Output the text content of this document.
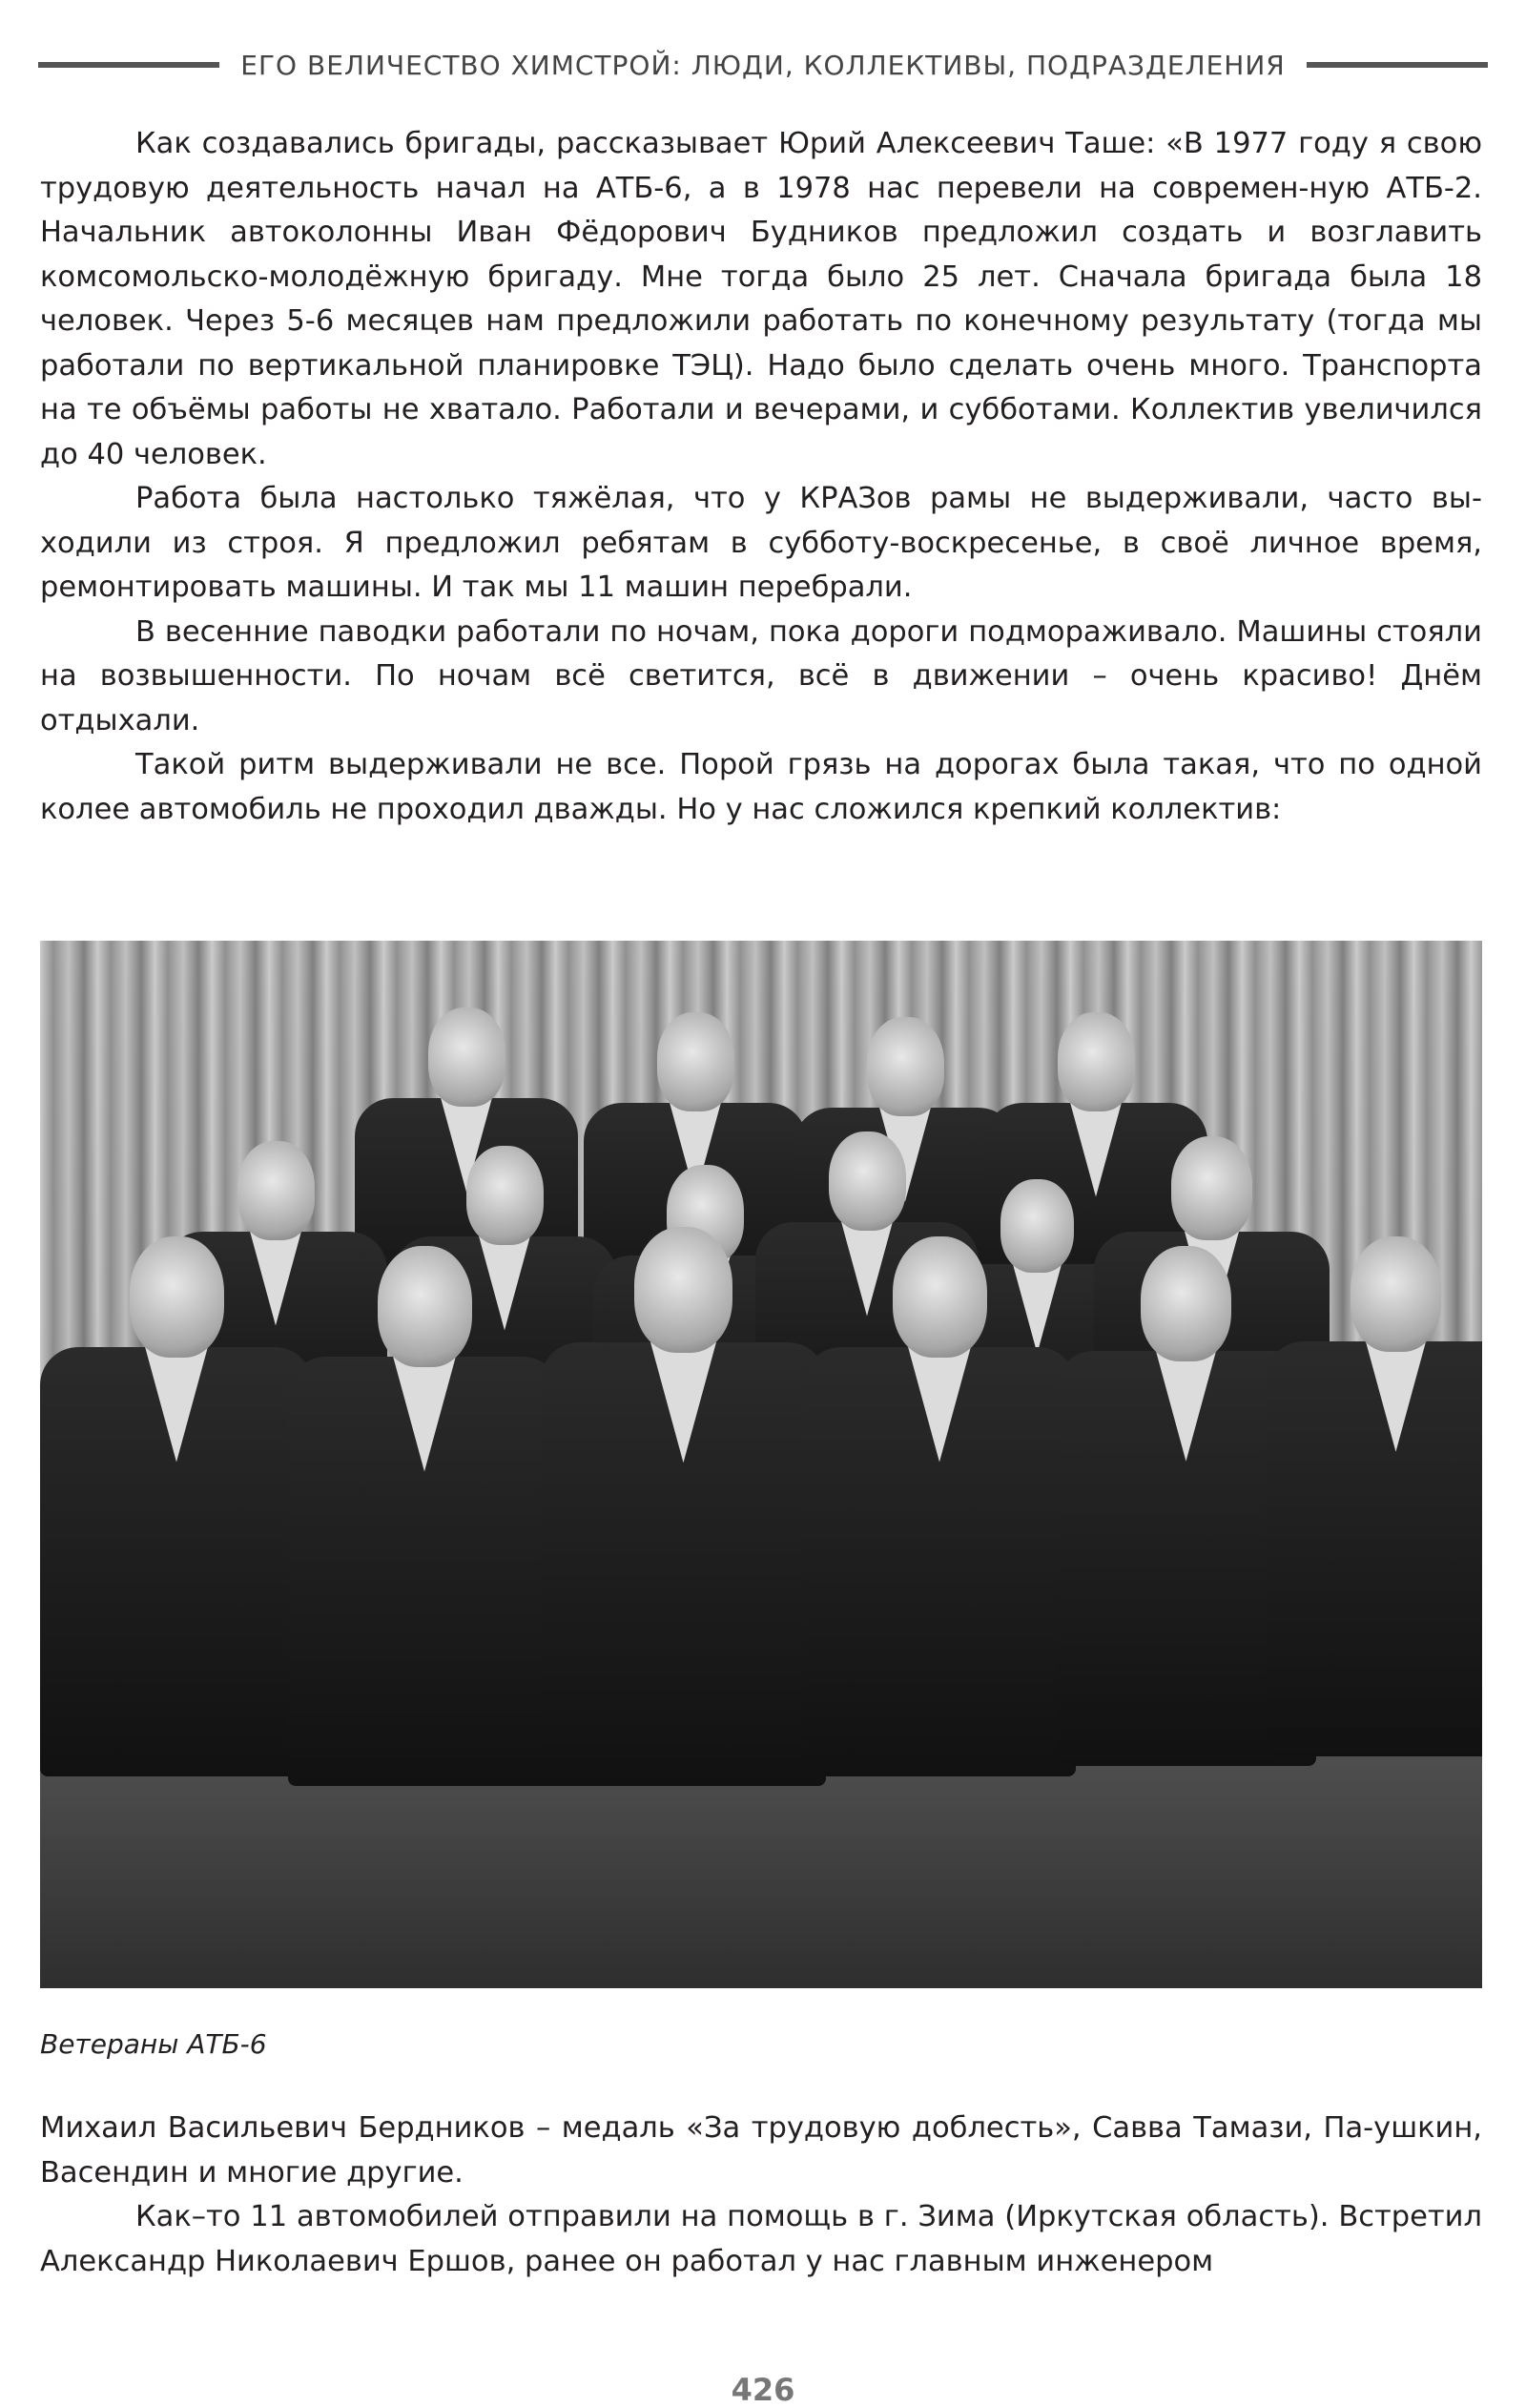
ЕГО ВЕЛИЧЕСТВО ХИМСТРОЙ: ЛЮДИ, КОЛЛЕКТИВЫ, ПОДРАЗДЕЛЕНИЯ

Как создавались бригады, рассказывает Юрий Алексеевич Таше: «В 1977 году я свою трудовую деятельность начал на АТБ-6, а в 1978 нас перевели на современ-ную АТБ-2. Начальник автоколонны Иван Фёдорович Будников предложил создать и возглавить комсомольско-молодёжную бригаду. Мне тогда было 25 лет. Сначала бригада была 18 человек. Через 5-6 месяцев нам предложили работать по конечному результату (тогда мы работали по вертикальной планировке ТЭЦ). Надо было сделать очень много. Транспорта на те объёмы работы не хватало. Работали и вечерами, и субботами. Коллектив увеличился до 40 человек.

Работа была настолько тяжёлая, что у КРАЗов рамы не выдерживали, часто вы-ходили из строя. Я предложил ребятам в субботу-воскресенье, в своё личное время, ремонтировать машины. И так мы 11 машин перебрали.

В весенние паводки работали по ночам, пока дороги подмораживало. Машины стояли на возвышенности. По ночам всё светится, всё в движении – очень красиво! Днём отдыхали.

Такой ритм выдерживали не все. Порой грязь на дорогах была такая, что по одной колее автомобиль не проходил дважды. Но у нас сложился крепкий коллектив:

Ветераны АТБ-6

Михаил Васильевич Бердников – медаль «За трудовую доблесть», Савва Тамази, Па-ушкин, Васендин и многие другие.

Как–то 11 автомобилей отправили на помощь в г. Зима (Иркутская область). Встретил Александр Николаевич Ершов, ранее он работал у нас главным инженером

426
